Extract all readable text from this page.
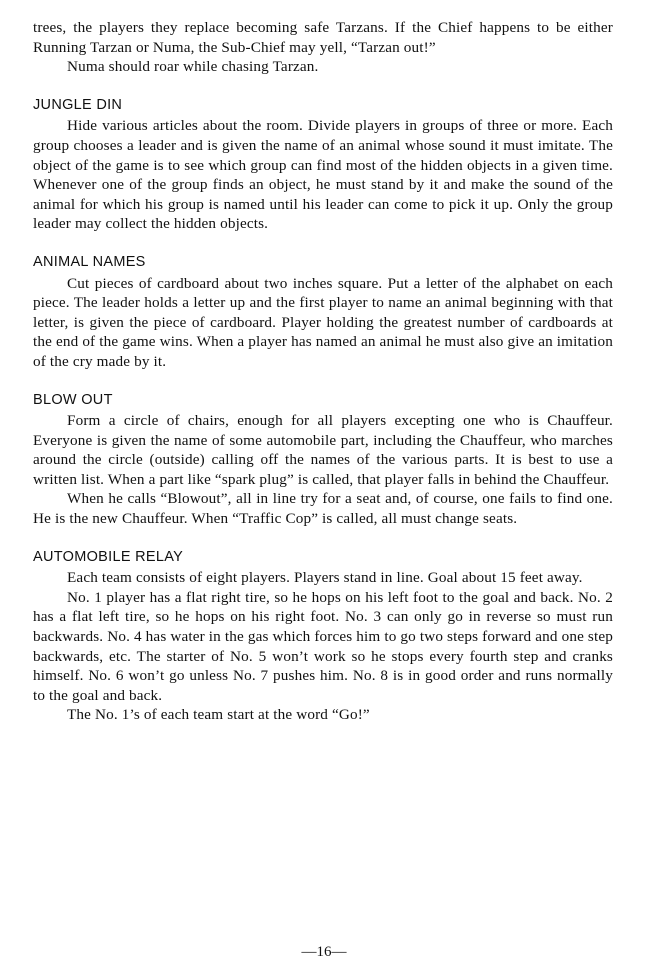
trees, the players they replace becoming safe Tarzans. If the Chief happens to be either Running Tarzan or Numa, the Sub-Chief may yell, “Tarzan out!”

Numa should roar while chasing Tarzan.

JUNGLE DIN

Hide various articles about the room. Divide players in groups of three or more. Each group chooses a leader and is given the name of an animal whose sound it must imitate. The object of the game is to see which group can find most of the hidden objects in a given time. Whenever one of the group finds an object, he must stand by it and make the sound of the animal for which his group is named until his leader can come to pick it up. Only the group leader may collect the hidden objects.

ANIMAL NAMES

Cut pieces of cardboard about two inches square. Put a letter of the alphabet on each piece. The leader holds a letter up and the first player to name an animal beginning with that letter, is given the piece of cardboard. Player holding the greatest number of cardboards at the end of the game wins. When a player has named an animal he must also give an imitation of the cry made by it.

BLOW OUT

Form a circle of chairs, enough for all players excepting one who is Chauffeur. Everyone is given the name of some automobile part, including the Chauffeur, who marches around the circle (outside) calling off the names of the various parts. It is best to use a written list. When a part like “spark plug” is called, that player falls in behind the Chauffeur.

When he calls “Blowout”, all in line try for a seat and, of course, one fails to find one. He is the new Chauffeur. When “Traffic Cop” is called, all must change seats.

AUTOMOBILE RELAY

Each team consists of eight players. Players stand in line. Goal about 15 feet away.

No. 1 player has a flat right tire, so he hops on his left foot to the goal and back. No. 2 has a flat left tire, so he hops on his right foot. No. 3 can only go in reverse so must run backwards. No. 4 has water in the gas which forces him to go two steps forward and one step backwards, etc. The starter of No. 5 won’t work so he stops every fourth step and cranks himself. No. 6 won’t go unless No. 7 pushes him. No. 8 is in good order and runs normally to the goal and back.

The No. 1’s of each team start at the word “Go!”

—16—
